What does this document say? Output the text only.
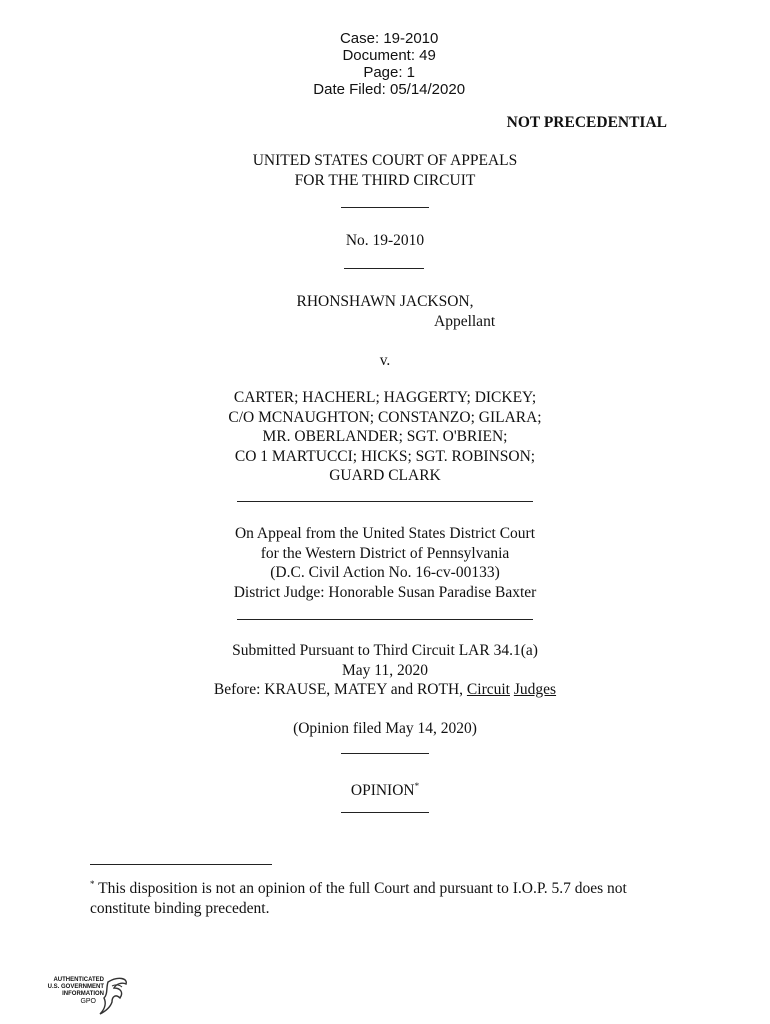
Case: 19-2010
Document: 49
Page: 1
Date Filed: 05/14/2020

NOT PRECEDENTIAL
UNITED STATES COURT OF APPEALS
FOR THE THIRD CIRCUIT
No. 19-2010
RHONSHAWN JACKSON,
Appellant
v.
CARTER; HACHERL; HAGGERTY; DICKEY;
C/O MCNAUGHTON; CONSTANZO; GILARA;
MR. OBERLANDER; SGT. O'BRIEN;
CO 1 MARTUCCI; HICKS; SGT. ROBINSON;
GUARD CLARK
On Appeal from the United States District Court
for the Western District of Pennsylvania
(D.C. Civil Action No. 16-cv-00133)
District Judge: Honorable Susan Paradise Baxter
Submitted Pursuant to Third Circuit LAR 34.1(a)
May 11, 2020
Before: KRAUSE, MATEY and ROTH, Circuit Judges
(Opinion filed May 14, 2020)
OPINION*
* This disposition is not an opinion of the full Court and pursuant to I.O.P. 5.7 does not
constitute binding precedent.
AUTHENTICATED
U.S. GOVERNMENT
INFORMATION
GPO
